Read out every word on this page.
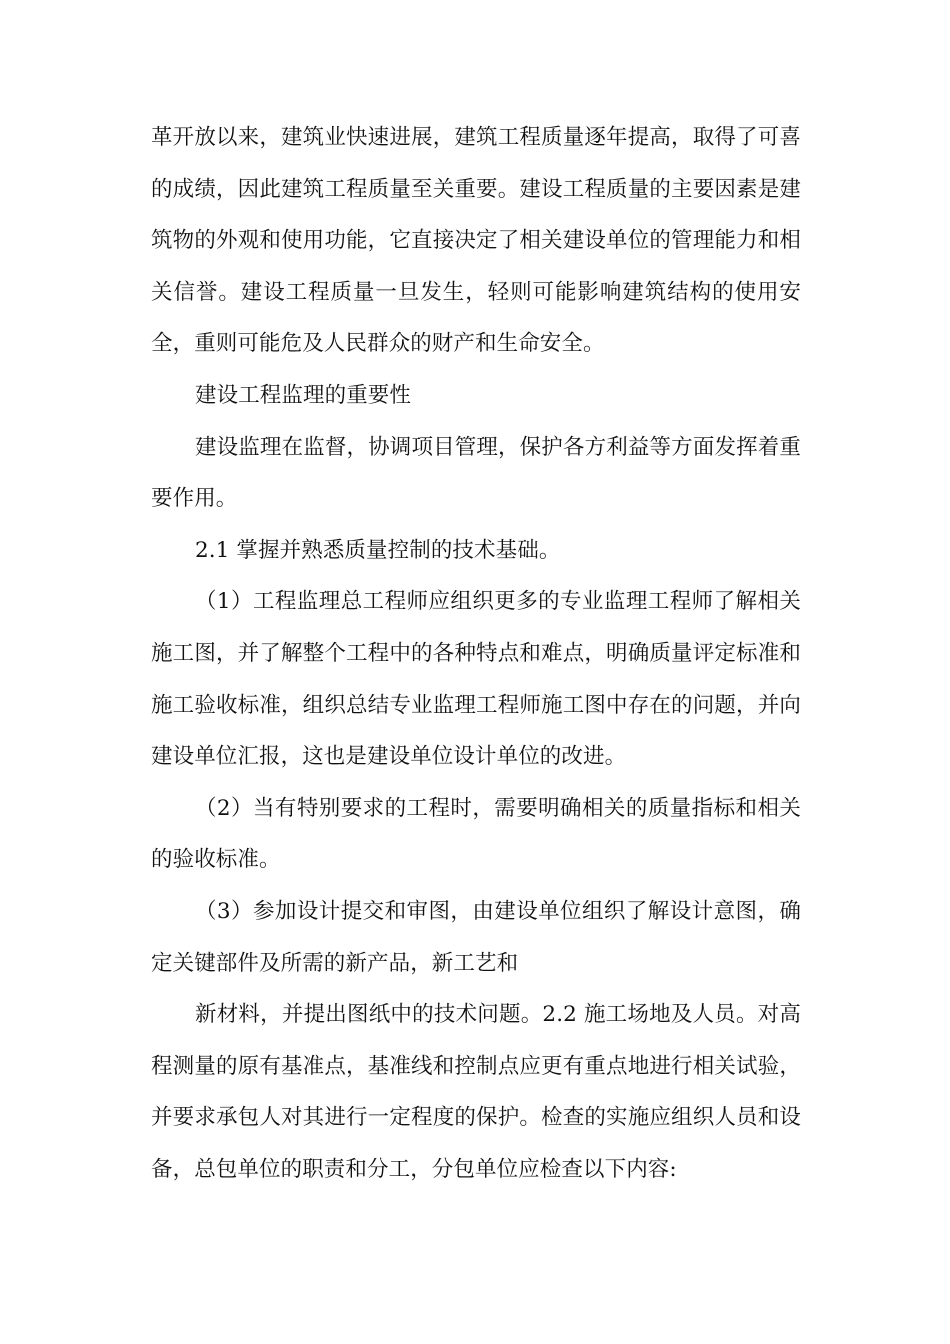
革开放以来，建筑业快速进展，建筑工程质量逐年提高，取得了可喜的成绩，因此建筑工程质量至关重要。建设工程质量的主要因素是建筑物的外观和使用功能，它直接决定了相关建设单位的管理能力和相关信誉。建设工程质量一旦发生，轻则可能影响建筑结构的使用安全，重则可能危及人民群众的财产和生命安全。

建设工程监理的重要性

建设监理在监督，协调项目管理，保护各方利益等方面发挥着重要作用。

2.1 掌握并熟悉质量控制的技术基础。

（1）工程监理总工程师应组织更多的专业监理工程师了解相关施工图，并了解整个工程中的各种特点和难点，明确质量评定标准和施工验收标准，组织总结专业监理工程师施工图中存在的问题，并向建设单位汇报，这也是建设单位设计单位的改进。

（2）当有特别要求的工程时，需要明确相关的质量指标和相关的验收标准。

（3）参加设计提交和审图，由建设单位组织了解设计意图，确定关键部件及所需的新产品，新工艺和

新材料，并提出图纸中的技术问题。2.2 施工场地及人员。对高程测量的原有基准点，基准线和控制点应更有重点地进行相关试验，并要求承包人对其进行一定程度的保护。检查的实施应组织人员和设备，总包单位的职责和分工，分包单位应检查以下内容:
